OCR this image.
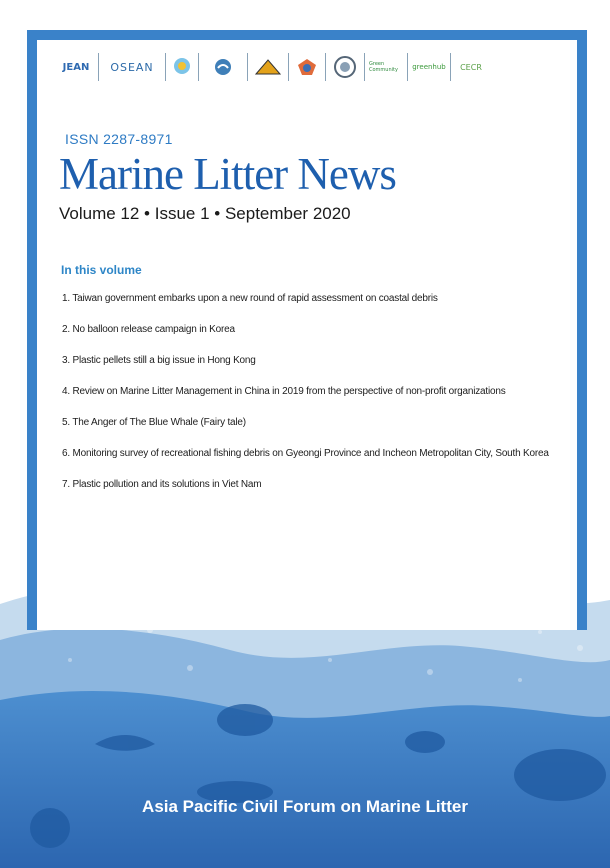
JEAN	OSEAN	Green Community	greenhub	CECR
ISSN 2287-8971
Marine Litter News
Volume 12 • Issue 1 • September 2020
In this volume
1. Taiwan government embarks upon a new round of rapid assessment on coastal debris
2. No balloon release campaign in Korea
3. Plastic pellets still a big issue in Hong Kong
4. Review on Marine Litter Management in China in 2019 from the perspective of non-profit organizations
5. The Anger of The Blue Whale (Fairy tale)
6. Monitoring survey of recreational fishing debris on Gyeongi Province and Incheon Metropolitan City, South Korea
7. Plastic pollution and its solutions in Viet Nam
Asia Pacific Civil Forum on Marine Litter
